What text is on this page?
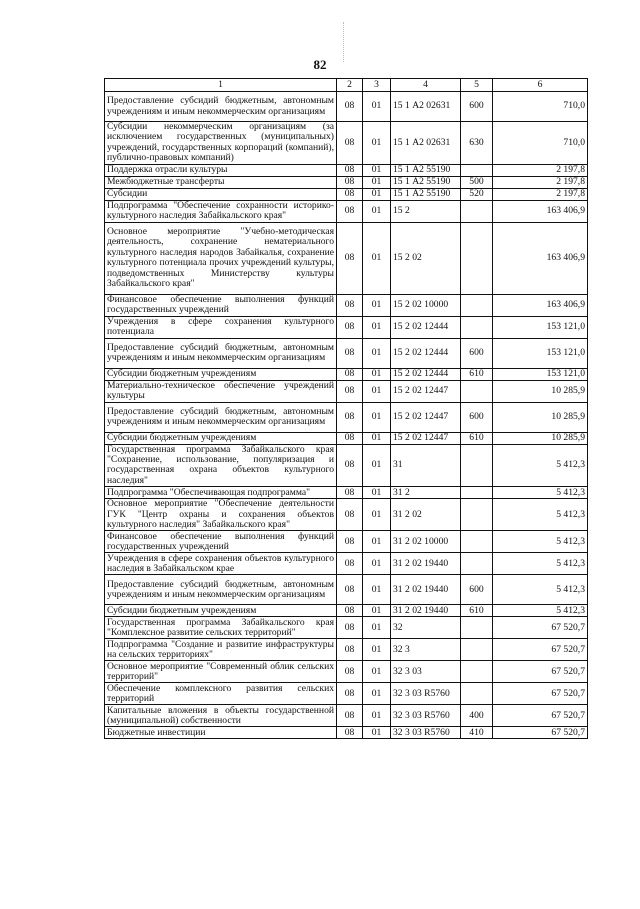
82
1	2	3	4	5	6
Предоставление субсидий бюджетным, автономным учреждениям и иным некоммерческим организациям	08	01	15 1 А2 02631	600	710,0
Субсидии некоммерческим организациям (за исключением государственных (муниципальных) учреждений, государственных корпораций (компаний), публично-правовых компаний)	08	01	15 1 А2 02631	630	710,0
Поддержка отрасли культуры	08	01	15 1 А2 55190		2 197,8
Межбюджетные трансферты	08	01	15 1 А2 55190	500	2 197,8
Субсидии	08	01	15 1 А2 55190	520	2 197,8
Подпрограмма "Обеспечение сохранности историко-культурного наследия Забайкальского края"	08	01	15 2		163 406,9
Основное мероприятие "Учебно-методическая деятельность, сохранение нематериального культурного наследия народов Забайкалья, сохранение культурного потенциала прочих учреждений культуры, подведомственных Министерству культуры Забайкальского края"	08	01	15 2 02		163 406,9
Финансовое обеспечение выполнения функций государственных учреждений	08	01	15 2 02 10000		163 406,9
Учреждения в сфере сохранения культурного потенциала	08	01	15 2 02 12444		153 121,0
Предоставление субсидий бюджетным, автономным учреждениям и иным некоммерческим организациям	08	01	15 2 02 12444	600	153 121,0
Субсидии бюджетным учреждениям	08	01	15 2 02 12444	610	153 121,0
Материально-техническое обеспечение учреждений культуры	08	01	15 2 02 12447		10 285,9
Предоставление субсидий бюджетным, автономным учреждениям и иным некоммерческим организациям	08	01	15 2 02 12447	600	10 285,9
Субсидии бюджетным учреждениям	08	01	15 2 02 12447	610	10 285,9
Государственная программа Забайкальского края "Сохранение, использование, популяризация и государственная охрана объектов культурного наследия"	08	01	31		5 412,3
Подпрограмма "Обеспечивающая подпрограмма"	08	01	31 2		5 412,3
Основное мероприятие "Обеспечение деятельности ГУК "Центр охраны и сохранения объектов культурного наследия" Забайкальского края"	08	01	31 2 02		5 412,3
Финансовое обеспечение выполнения функций государственных учреждений	08	01	31 2 02 10000		5 412,3
Учреждения в сфере сохранения объектов культурного наследия в Забайкальском крае	08	01	31 2 02 19440		5 412,3
Предоставление субсидий бюджетным, автономным учреждениям и иным некоммерческим организациям	08	01	31 2 02 19440	600	5 412,3
Субсидии бюджетным учреждениям	08	01	31 2 02 19440	610	5 412,3
Государственная программа Забайкальского края "Комплексное развитие сельских территорий"	08	01	32		67 520,7
Подпрограмма "Создание и развитие инфраструктуры на сельских территориях"	08	01	32 3		67 520,7
Основное мероприятие "Современный облик сельских территорий"	08	01	32 3 03		67 520,7
Обеспечение комплексного развития сельских территорий	08	01	32 3 03 R5760		67 520,7
Капитальные вложения в объекты государственной (муниципальной) собственности	08	01	32 3 03 R5760	400	67 520,7
Бюджетные инвестиции	08	01	32 3 03 R5760	410	67 520,7
